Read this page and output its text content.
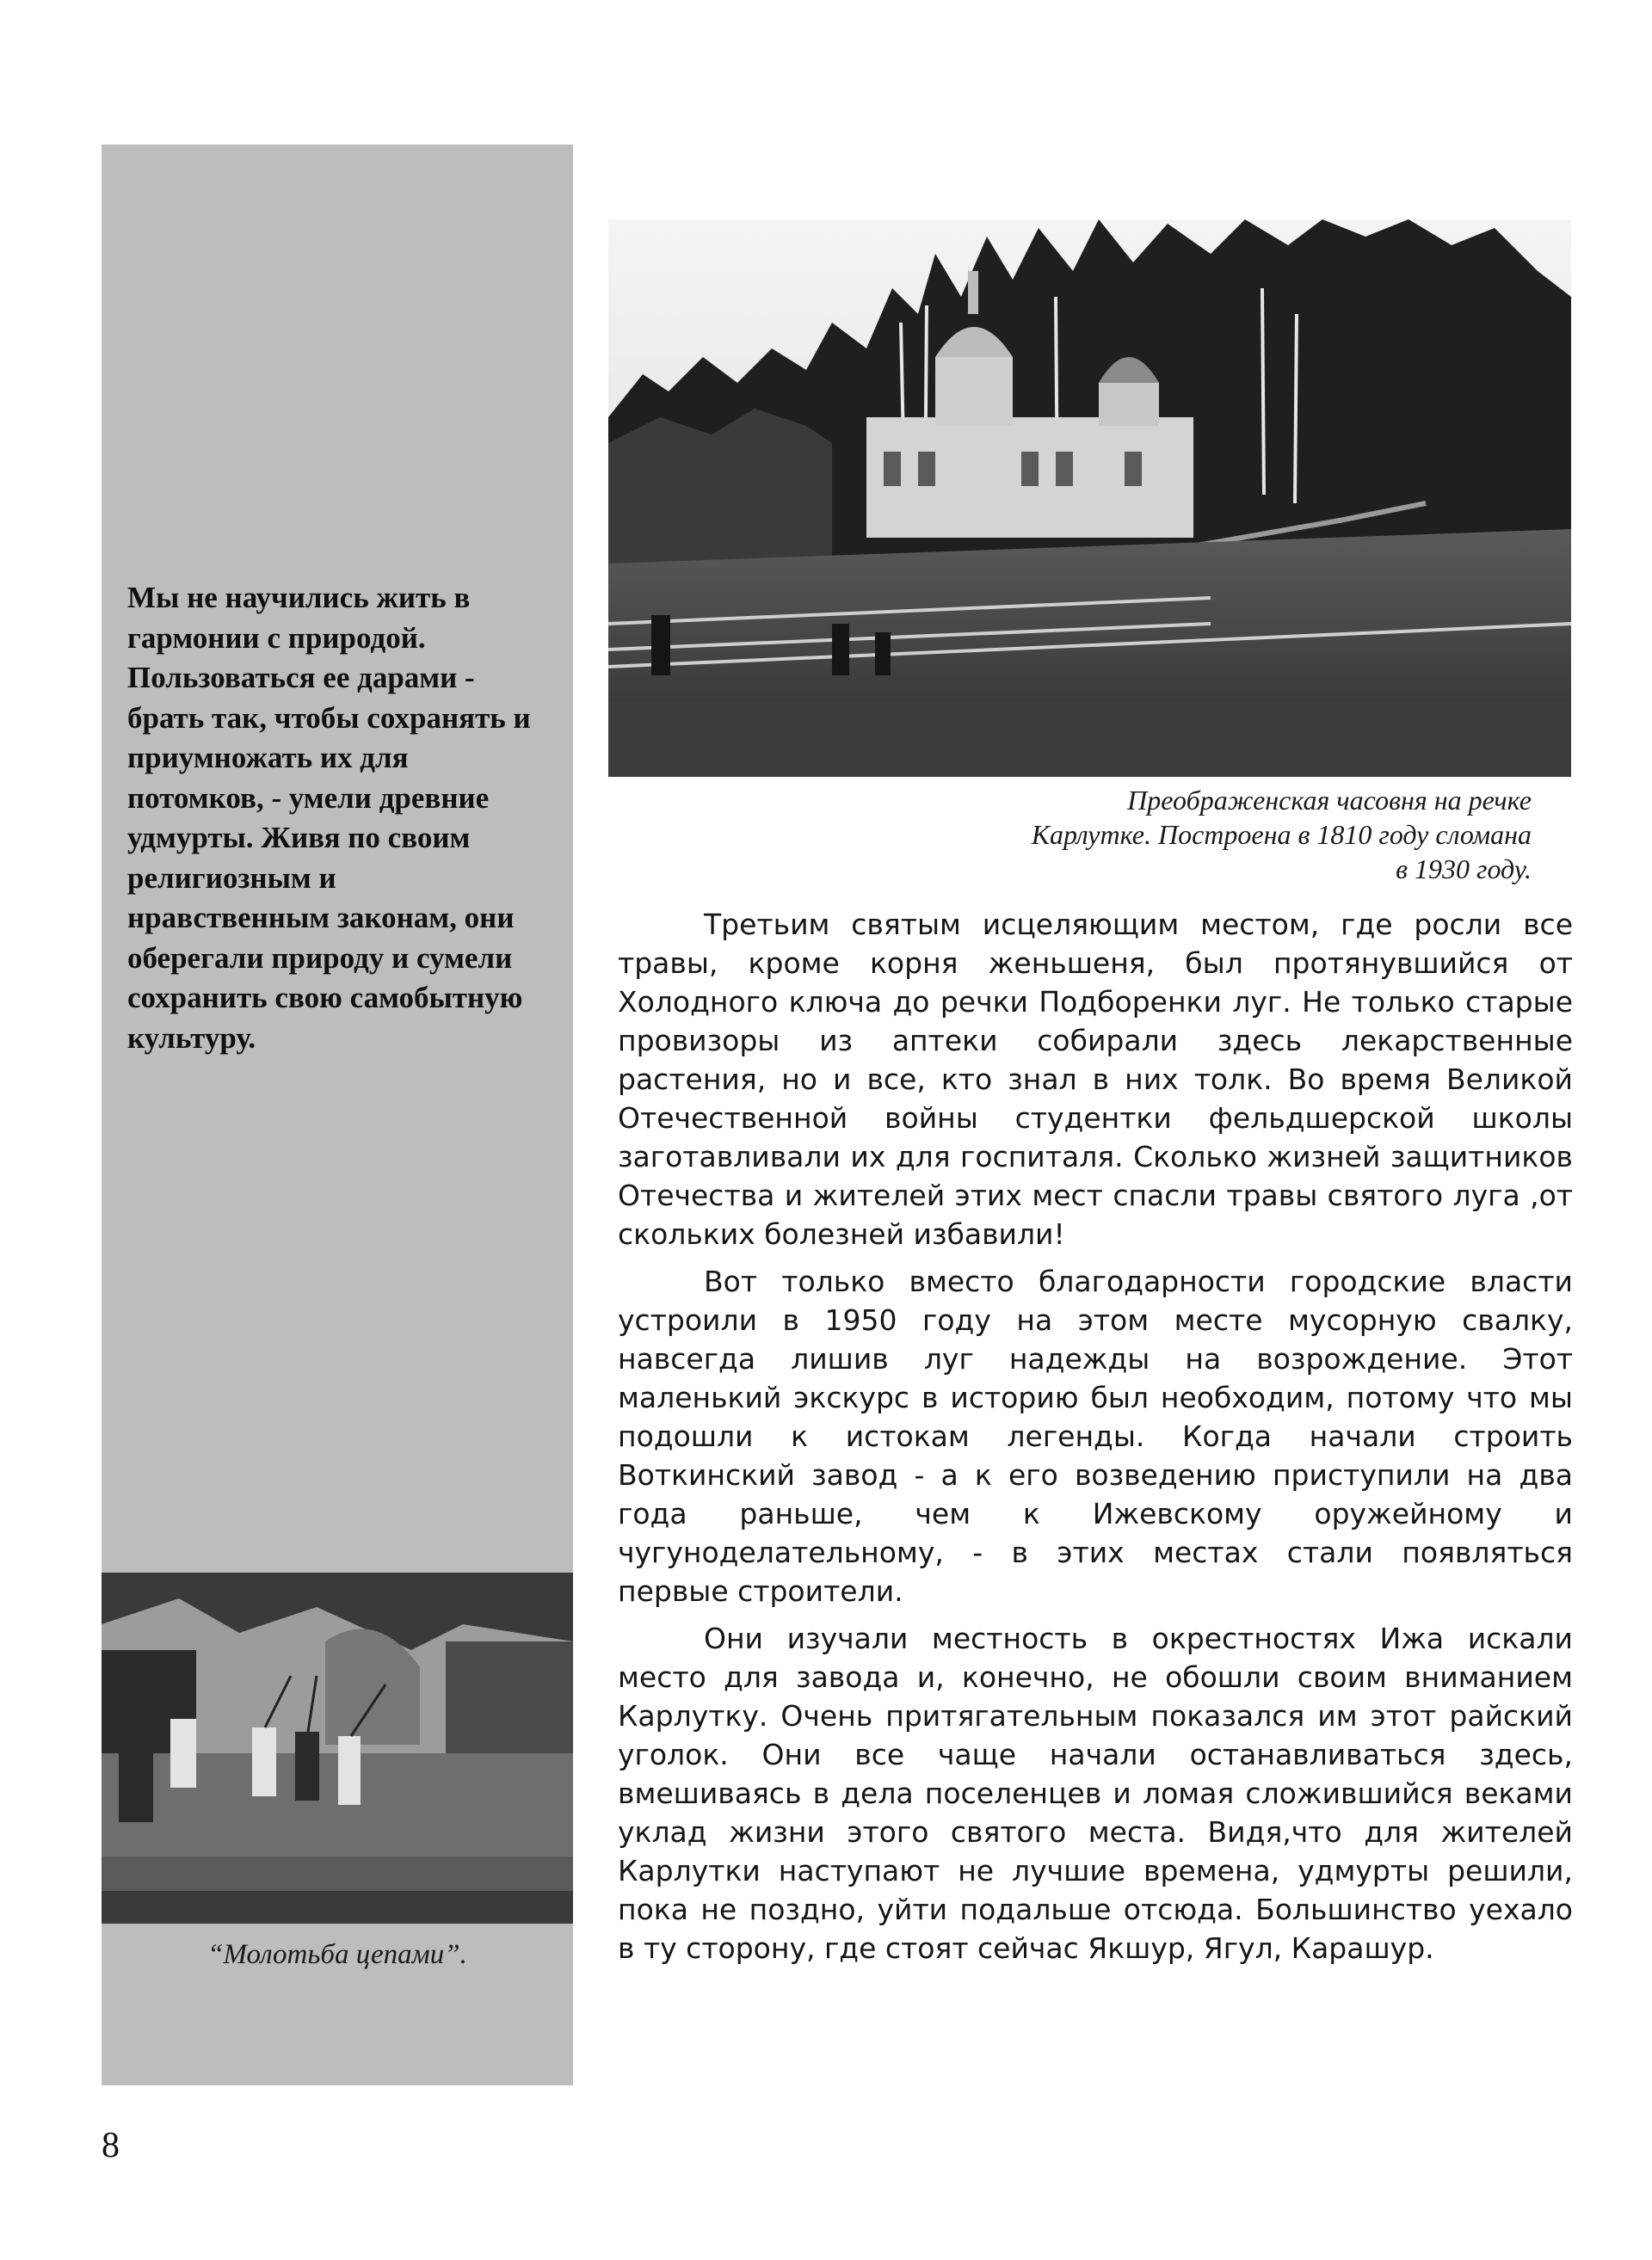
Мы не научились жить в гармонии с природой. Пользоваться ее дарами - брать так, чтобы сохранять и приумножать их для потомков, - умели древние удмурты. Живя по своим религиозным и нравственным законам, они оберегали природу и сумели сохранить свою самобытную культуру.

Преображенская часовня на речке Карлутке. Построена в 1810 году сломана в 1930 году.

“Молотьба цепами”.

Третьим святым исцеляющим местом, где росли все травы, кроме корня женьшеня, был протянувшийся от Холодного ключа до речки Подборенки луг. Не только старые провизоры из аптеки собирали здесь лекарственные растения, но и все, кто знал в них толк. Во время Великой Отечественной войны студентки фельдшерской школы заготавливали их для госпиталя. Сколько жизней защитников Отечества и жителей этих мест спасли травы святого луга ,от скольких болезней избавили!

Вот только вместо благодарности городские власти устроили в 1950 году на этом месте мусорную свалку, навсегда лишив луг надежды на возрождение. Этот маленький экскурс в историю был необходим, потому что мы подошли к истокам легенды. Когда начали строить Воткинский завод - а к его возведению приступили на два года раньше, чем к Ижевскому оружейному и чугуноделательному, - в этих местах стали появляться первые строители.

Они изучали местность в окрестностях Ижа искали место для завода и, конечно, не обошли своим вниманием Карлутку. Очень притягательным показался им этот райский уголок. Они все чаще начали останавливаться здесь, вмешиваясь в дела поселенцев и ломая сложившийся веками уклад жизни этого святого места. Видя,что для жителей Карлутки наступают не лучшие времена, удмурты решили, пока не поздно, уйти подальше отсюда. Большинство уехало в ту сторону, где стоят сейчас Якшур, Ягул, Карашур.

8
